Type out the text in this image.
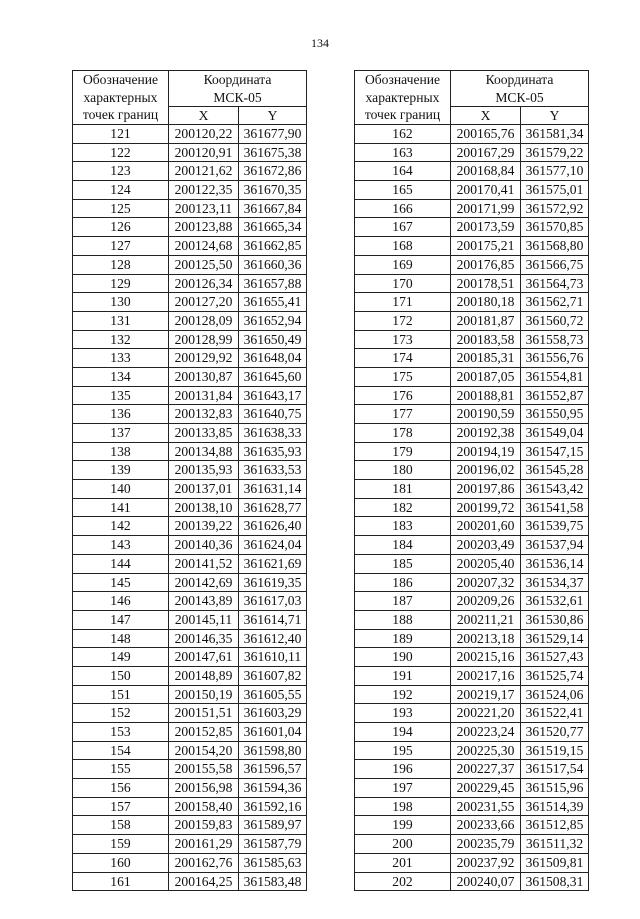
134
Обозначение
характерных
точек границ	Координата
МСК-05	
	X	Y
121	200120,22	361677,90
122	200120,91	361675,38
123	200121,62	361672,86
124	200122,35	361670,35
125	200123,11	361667,84
126	200123,88	361665,34
127	200124,68	361662,85
128	200125,50	361660,36
129	200126,34	361657,88
130	200127,20	361655,41
131	200128,09	361652,94
132	200128,99	361650,49
133	200129,92	361648,04
134	200130,87	361645,60
135	200131,84	361643,17
136	200132,83	361640,75
137	200133,85	361638,33
138	200134,88	361635,93
139	200135,93	361633,53
140	200137,01	361631,14
141	200138,10	361628,77
142	200139,22	361626,40
143	200140,36	361624,04
144	200141,52	361621,69
145	200142,69	361619,35
146	200143,89	361617,03
147	200145,11	361614,71
148	200146,35	361612,40
149	200147,61	361610,11
150	200148,89	361607,82
151	200150,19	361605,55
152	200151,51	361603,29
153	200152,85	361601,04
154	200154,20	361598,80
155	200155,58	361596,57
156	200156,98	361594,36
157	200158,40	361592,16
158	200159,83	361589,97
159	200161,29	361587,79
160	200162,76	361585,63
161	200164,25	361583,48
Обозначение
характерных
точек границ	Координата
МСК-05	
	X	Y
162	200165,76	361581,34
163	200167,29	361579,22
164	200168,84	361577,10
165	200170,41	361575,01
166	200171,99	361572,92
167	200173,59	361570,85
168	200175,21	361568,80
169	200176,85	361566,75
170	200178,51	361564,73
171	200180,18	361562,71
172	200181,87	361560,72
173	200183,58	361558,73
174	200185,31	361556,76
175	200187,05	361554,81
176	200188,81	361552,87
177	200190,59	361550,95
178	200192,38	361549,04
179	200194,19	361547,15
180	200196,02	361545,28
181	200197,86	361543,42
182	200199,72	361541,58
183	200201,60	361539,75
184	200203,49	361537,94
185	200205,40	361536,14
186	200207,32	361534,37
187	200209,26	361532,61
188	200211,21	361530,86
189	200213,18	361529,14
190	200215,16	361527,43
191	200217,16	361525,74
192	200219,17	361524,06
193	200221,20	361522,41
194	200223,24	361520,77
195	200225,30	361519,15
196	200227,37	361517,54
197	200229,45	361515,96
198	200231,55	361514,39
199	200233,66	361512,85
200	200235,79	361511,32
201	200237,92	361509,81
202	200240,07	361508,31
